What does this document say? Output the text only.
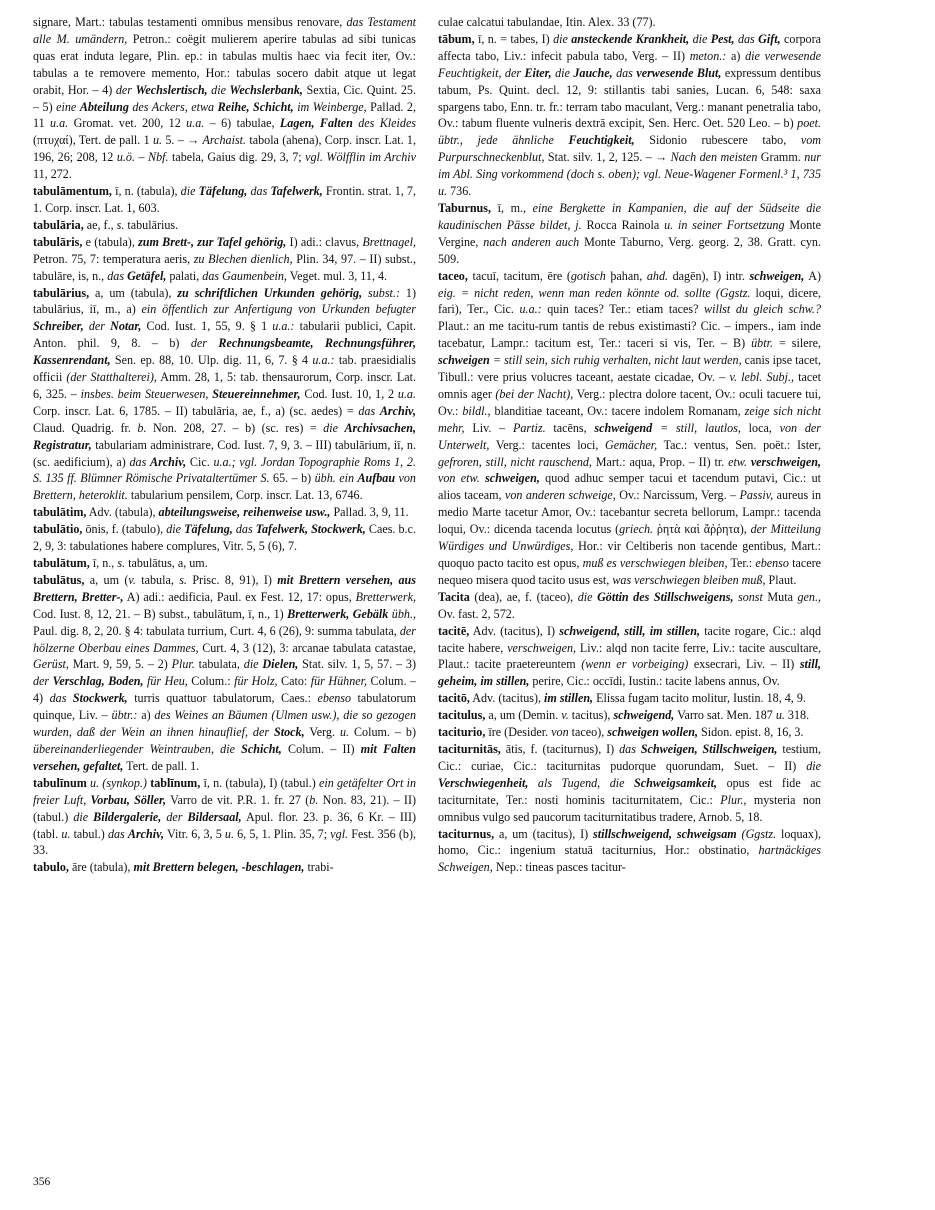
signare, Mart.: tabulas testamenti omnibus mensibus renovare, das Testament alle M. umändern, Petron.: coëgit mulierem aperire tabulas ad sibi tunicas quas erat induta legare, Plin. ep.: in tabulas multis haec via fecit iter, Ov.: tabulas a te removere memento, Hor.: tabulas socero dabit atque ut legat orabit, Hor. – 4) der Wechslertisch, die Wechslerbank, Sextia, Cic. Quint. 25. – 5) eine Abteilung des Ackers, etwa Reihe, Schicht, im Weinberge, Pallad. 2, 11 u.a. Gromat. vet. 200, 12 u.a. – 6) tabulae, Lagen, Falten des Kleides (πτυχαί), Tert. de pall. 1 u. 5. – → Archaist. tabola (ahena), Corp. inscr. Lat. 1, 196, 26; 208, 12 u.ö. – Nbf. tabela, Gaius dig. 29, 3, 7; vgl. Wölfflin im Archiv 11, 272.

tabulāmentum, ī, n. (tabula), die Täfelung, das Tafelwerk, Frontin. strat. 1, 7, 1. Corp. inscr. Lat. 1, 603.

tabulāria, ae, f., s. tabulārius.

tabulāris, e (tabula), zum Brett-, zur Tafel gehörig, I) adi.: clavus, Brettnagel, Petron. 75, 7: temperatura aeris, zu Blechen dienlich, Plin. 34, 97. – II) subst., tabulāre, is, n., das Getäfel, palati, das Gaumenbein, Veget. mul. 3, 11, 4.

tabulārius, a, um (tabula), zu schriftlichen Urkunden gehörig, subst.: 1) tabulārius, iī, m., a) ein öffentlich zur Anfertigung von Urkunden befugter Schreiber, der Notar, Cod. Iust. 1, 55, 9. § 1 u.a.: tabularii publici, Capit. Anton. phil. 9, 8. – b) der Rechnungsbeamte, Rechnungsführer, Kassenrendant, Sen. ep. 88, 10. Ulp. dig. 11, 6, 7. § 4 u.a.: tab. praesidialis officii (der Statthalterei), Amm. 28, 1, 5: tab. thensaurorum, Corp. inscr. Lat. 6, 325. – insbes. beim Steuerwesen, Steuereinnehmer, Cod. Iust. 10, 1, 2 u.a. Corp. inscr. Lat. 6, 1785. – II) tabulāria, ae, f., a) (sc. aedes) = das Archiv, Claud. Quadrig. fr. b. Non. 208, 27. – b) (sc. res) = die Archivsachen, Registratur, tabulariam administrare, Cod. Iust. 7, 9, 3. – III) tabulārium, iī, n. (sc. aedificium), a) das Archiv, Cic. u.a.; vgl. Jordan Topographie Roms 1, 2. S. 135 ff. Blümner Römische Privataltertümer S. 65. – b) übh. ein Aufbau von Brettern, heteroklit. tabularium pensilem, Corp. inscr. Lat. 13, 6746.

tabulātim, Adv. (tabula), abteilungsweise, reihenweise usw., Pallad. 3, 9, 11.

tabulātio, ōnis, f. (tabulo), die Täfelung, das Tafelwerk, Stockwerk, Caes. b.c. 2, 9, 3: tabulationes habere complures, Vitr. 5, 5 (6), 7.

tabulātum, ī, n., s. tabulātus, a, um.

tabulātus, a, um (v. tabula, s. Prisc. 8, 91), I) mit Brettern versehen, aus Brettern, Bretter-, A) adi.: aedificia, Paul. ex Fest. 12, 17: opus, Bretterwerk, Cod. Iust. 8, 12, 21. – B) subst., tabulātum, ī, n., 1) Bretterwerk, Gebälk übh., Paul. dig. 8, 2, 20. § 4: tabulata turrium, Curt. 4, 6 (26), 9: summa tabulata, der hölzerne Oberbau eines Dammes, Curt. 4, 3 (12), 3: arcanae tabulata catastae, Gerüst, Mart. 9, 59, 5. – 2) Plur. tabulata, die Dielen, Stat. silv. 1, 5, 57. – 3) der Verschlag, Boden, für Heu, Colum.: für Holz, Cato: für Hühner, Colum. – 4) das Stockwerk, turris quattuor tabulatorum, Caes.: ebenso tabulatorum quinque, Liv. – übtr.: a) des Weines an Bäumen (Ulmen usw.), die so gezogen wurden, daß der Wein an ihnen hinauflief, der Stock, Verg. u. Colum. – b) übereinanderliegender Weintrauben, die Schicht, Colum. – II) mit Falten versehen, gefaltet, Tert. de pall. 1.

tabulīnum u. (synkop.) tablīnum, ī, n. (tabula), I) (tabul.) ein getäfelter Ort in freier Luft, Vorbau, Söller, Varro de vit. P.R. 1. fr. 27 (b. Non. 83, 21). – II) (tabul.) die Bildergalerie, der Bildersaal, Apul. flor. 23. p. 36, 6 Kr. – III) (tabl. u. tabul.) das Archiv, Vitr. 6, 3, 5 u. 6, 5, 1. Plin. 35, 7; vgl. Fest. 356 (b), 33.

tabulo, āre (tabula), mit Brettern belegen, -beschlagen, trabi-

culae calcatui tabulandae, Itin. Alex. 33 (77).

tābum, ī, n. = tabes, I) die ansteckende Krankheit, die Pest, das Gift, corpora affecta tabo, Liv.: infecit pabula tabo, Verg. – II) meton.: a) die verwesende Feuchtigkeit, der Eiter, die Jauche, das verwesende Blut, expressum dentibus tabum, Ps. Quint. decl. 12, 9: stillantis tabi sanies, Lucan. 6, 548: saxa spargens tabo, Enn. tr. fr.: terram tabo maculant, Verg.: manant penetralia tabo, Ov.: tabum fluente vulneris dextrā excipit, Sen. Herc. Oet. 520 Leo. – b) poet. übtr., jede ähnliche Feuchtigkeit, Sidonio rubescere tabo, vom Purpurschneckenblut, Stat. silv. 1, 2, 125. – → Nach den meisten Gramm. nur im Abl. Sing vorkommend (doch s. oben); vgl. Neue-Wagener Formenl.³ 1, 735 u. 736.

Taburnus, ī, m., eine Bergkette in Kampanien, die auf der Südseite die kaudinischen Pässe bildet, j. Rocca Rainola u. in seiner Fortsetzung Monte Vergine, nach anderen auch Monte Taburno, Verg. georg. 2, 38. Gratt. cyn. 509.

taceo, tacuī, tacitum, ēre (gotisch þahan, ahd. dagēn), I) intr. schweigen, A) eig. = nicht reden, wenn man reden könnte od. sollte (Ggstz. loqui, dicere, fari), Ter., Cic. u.a.: quin taces? Ter.: etiam taces? willst du gleich schw.? Plaut.: an me tacitu-rum tantis de rebus existimasti? Cic. – impers., iam inde tacebatur, Lampr.: tacitum est, Ter.: taceri si vis, Ter. – B) übtr. = silere, schweigen = still sein, sich ruhig verhalten, nicht laut werden, canis ipse tacet, Tibull.: vere prius volucres taceant, aestate cicadae, Ov. – v. lebl. Subj., tacet omnis ager (bei der Nacht), Verg.: plectra dolore tacent, Ov.: oculi tacuere tui, Ov.: bildl., blanditiae taceant, Ov.: tacere indolem Romanam, zeige sich nicht mehr, Liv. – Partiz. tacēns, schweigend = still, lautlos, loca, von der Unterwelt, Verg.: tacentes loci, Gemächer, Tac.: ventus, Sen. poët.: Ister, gefroren, still, nicht rauschend, Mart.: aqua, Prop. – II) tr. etw. verschweigen, von etw. schweigen, quod adhuc semper tacui et tacendum putavi, Cic.: ut alios taceam, von anderen schweige, Ov.: Narcissum, Verg. – Passiv, aureus in medio Marte tacetur Amor, Ov.: tacebantur secreta bellorum, Lampr.: tacenda loqui, Ov.: dicenda tacenda locutus (griech. ῥητὰ καὶ ἄῤῥητα), der Mitteilung Würdiges und Unwürdiges, Hor.: vir Celtiberis non tacende gentibus, Mart.: quoquo pacto tacito est opus, muß es verschwiegen bleiben, Ter.: ebenso tacere nequeo misera quod tacito usus est, was verschwiegen bleiben muß, Plaut.

Tacita (dea), ae, f. (taceo), die Göttin des Stillschweigens, sonst Muta gen., Ov. fast. 2, 572.

tacitē, Adv. (tacitus), I) schweigend, still, im stillen, tacite rogare, Cic.: alqd tacite habere, verschweigen, Liv.: alqd non tacite ferre, Liv.: tacite auscultare, Plaut.: tacite praetereuntem (wenn er vorbeiging) exsecrari, Liv. – II) still, geheim, im stillen, perire, Cic.: occīdi, Iustin.: tacite labens annus, Ov.

tacitō, Adv. (tacitus), im stillen, Elissa fugam tacito molitur, Iustin. 18, 4, 9.

tacitulus, a, um (Demin. v. tacitus), schweigend, Varro sat. Men. 187 u. 318.

taciturio, īre (Desider. von taceo), schweigen wollen, Sidon. epist. 8, 16, 3.

taciturnitās, ātis, f. (taciturnus), I) das Schweigen, Stillschweigen, testium, Cic.: curiae, Cic.: taciturnitas pudorque quorundam, Suet. – II) die Verschwiegenheit, als Tugend, die Schweigsamkeit, opus est fide ac taciturnitate, Ter.: nosti hominis taciturnitatem, Cic.: Plur., mysteria non omnibus vulgo sed paucorum taciturnitatibus tradere, Arnob. 5, 18.

taciturnus, a, um (tacitus), I) stillschweigend, schweigsam (Ggstz. loquax), homo, Cic.: ingenium statuā taciturnius, Hor.: obstinatio, hartnäckiges Schweigen, Nep.: tineas pasces tacitur-

356
